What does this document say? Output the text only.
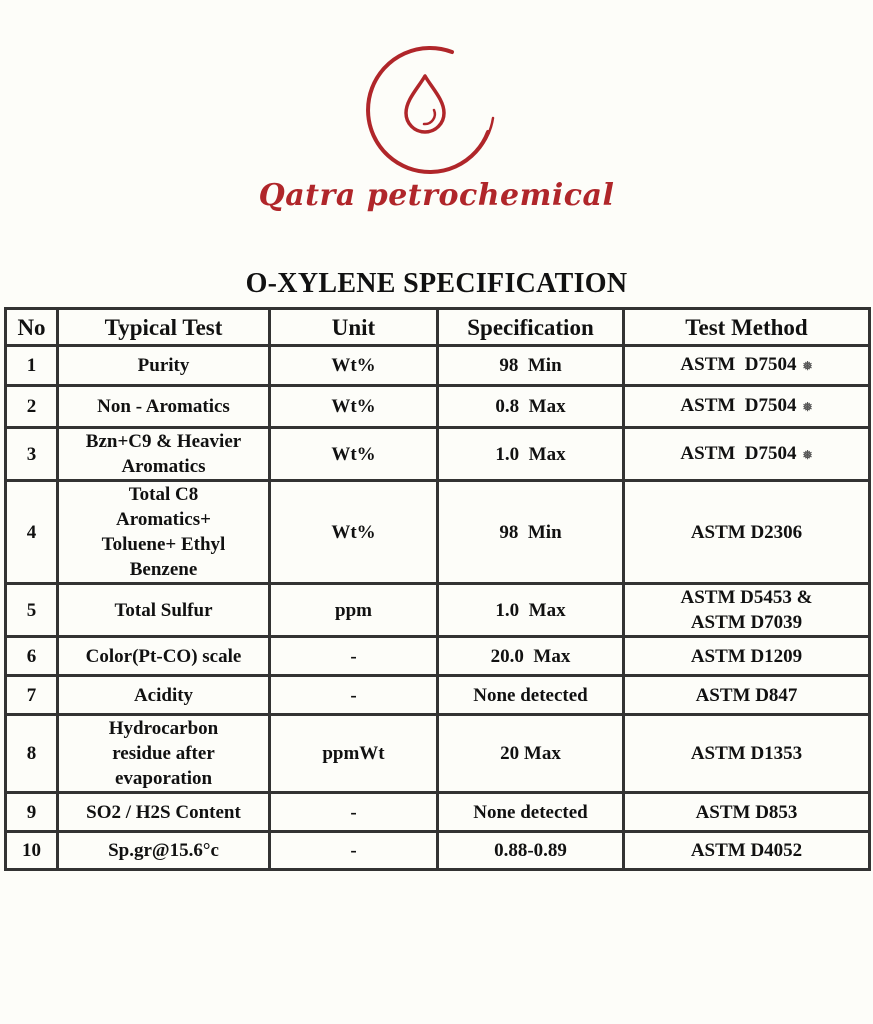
Qatra petrochemical
O-XYLENE SPECIFICATION
No	Typical Test	Unit	Specification	Test Method
1	Purity	Wt%	98  Min	ASTM  D7504 ❅
2	Non - Aromatics	Wt%	0.8  Max	ASTM  D7504 ❅
3	Bzn+C9 & Heavier Aromatics	Wt%	1.0  Max	ASTM  D7504 ❅
4	Total C8 Aromatics+ Toluene+ Ethyl Benzene	Wt%	98  Min	ASTM D2306
5	Total Sulfur	ppm	1.0  Max	ASTM D5453 & ASTM D7039
6	Color(Pt-CO) scale	-	20.0  Max	ASTM D1209
7	Acidity	-	None detected	ASTM D847
8	Hydrocarbon residue after evaporation	ppmWt	20 Max	ASTM D1353
9	SO2 / H2S Content	-	None detected	ASTM D853
10	Sp.gr@15.6°c	-	0.88-0.89	ASTM D4052
